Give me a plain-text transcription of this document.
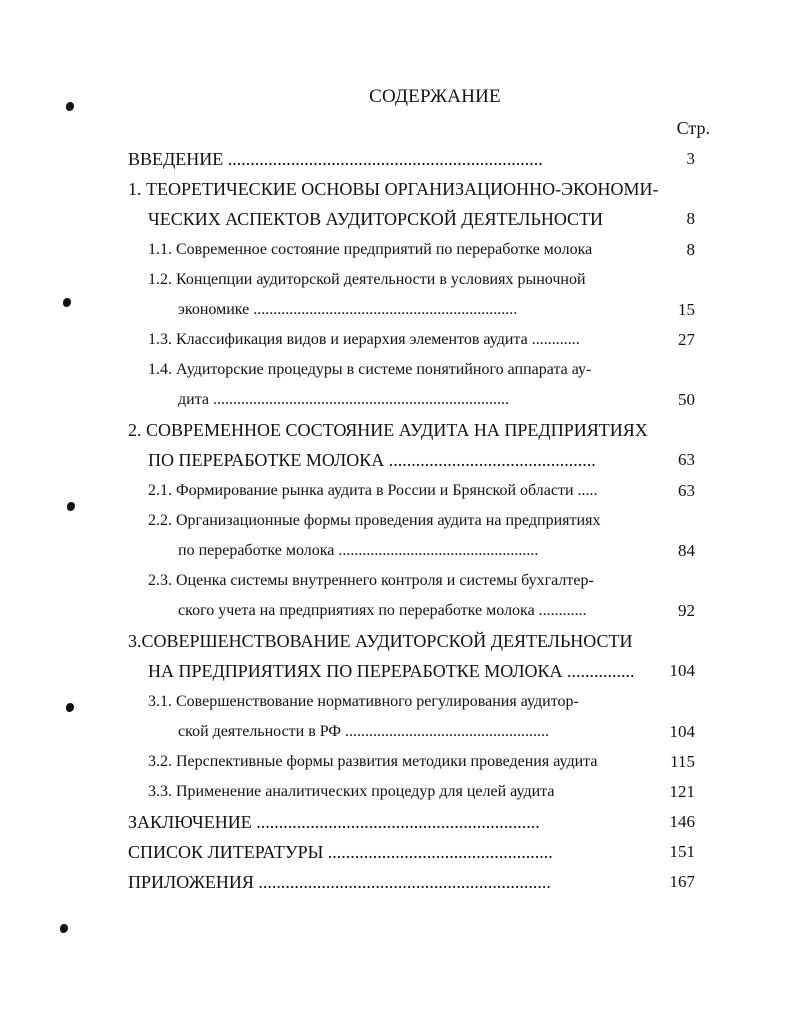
СОДЕРЖАНИЕ
Стр.
ВВЕДЕНИЕ ......................................................................	3
1. ТЕОРЕТИЧЕСКИЕ ОСНОВЫ ОРГАНИЗАЦИОННО-ЭКОНОМИ-
ЧЕСКИХ АСПЕКТОВ АУДИТОРСКОЙ ДЕЯТЕЛЬНОСТИ	8
1.1. Современное состояние предприятий по переработке молока	8
1.2. Концепции аудиторской деятельности в условиях рыночной
экономике ..................................................................	15
1.3. Классификация видов и иерархия элементов аудита ............	27
1.4. Аудиторские процедуры в системе понятийного аппарата ау-
дита ..........................................................................	50
2. СОВРЕМЕННОЕ СОСТОЯНИЕ АУДИТА НА ПРЕДПРИЯТИЯХ
ПО ПЕРЕРАБОТКЕ МОЛОКА ..............................................	63
2.1. Формирование рынка аудита в России и Брянской области .....	63
2.2. Организационные формы проведения аудита на предприятиях
по переработке молока ..................................................	84
2.3. Оценка системы внутреннего контроля и системы бухгалтер-
ского учета на предприятиях по переработке молока ............	92
3.СОВЕРШЕНСТВОВАНИЕ АУДИТОРСКОЙ ДЕЯТЕЛЬНОСТИ
НА ПРЕДПРИЯТИЯХ ПО ПЕРЕРАБОТКЕ МОЛОКА ...............	104
3.1. Совершенствование нормативного регулирования аудитор-
ской деятельности в РФ ...................................................	104
3.2. Перспективные формы развития методики проведения аудита	115
3.3. Применение аналитических процедур для целей аудита	121
ЗАКЛЮЧЕНИЕ ...............................................................	146
СПИСОК ЛИТЕРАТУРЫ ..................................................	151
ПРИЛОЖЕНИЯ .................................................................	167
